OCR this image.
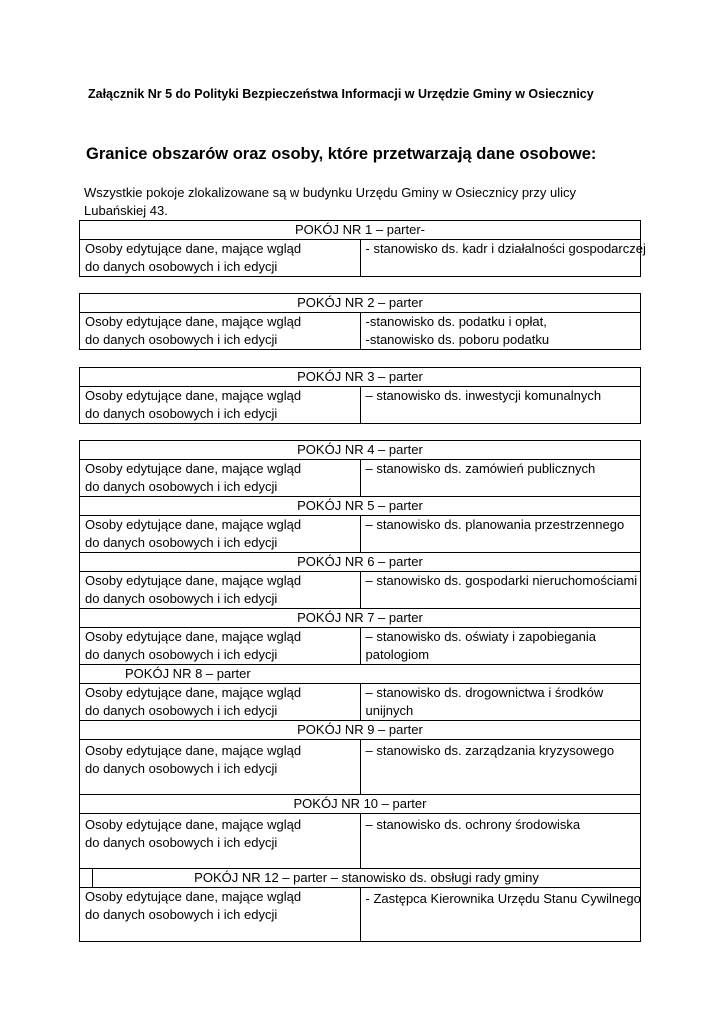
Załącznik Nr 5 do Polityki Bezpieczeństwa Informacji w Urzędzie Gminy w Osiecznicy
Granice obszarów oraz osoby, które przetwarzają dane osobowe:
Wszystkie pokoje zlokalizowane są w budynku Urzędu Gminy w Osiecznicy przy ulicy
Lubańskiej 43.
POKÓJ NR 1 – parter-

Osoby edytujące dane, mające wgląd
do danych osobowych i ich edycji

- stanowisko ds. kadr i działalności gospodarczej
POKÓJ NR 2 – parter

Osoby edytujące dane, mające wgląd
do danych osobowych i ich edycji

-stanowisko ds. podatku i opłat,
-stanowisko ds. poboru podatku
POKÓJ NR 3 – parter

Osoby edytujące dane, mające wgląd
do danych osobowych i ich edycji

– stanowisko ds. inwestycji komunalnych
POKÓJ NR 4 – parter	

Osoby edytujące dane, mające wgląd
do danych osobowych i ich edycji	– stanowisko ds. zamówień publicznych

POKÓJ NR 5 – parter	

Osoby edytujące dane, mające wgląd
do danych osobowych i ich edycji	– stanowisko ds. planowania przestrzennego

POKÓJ NR 6 – parter	

Osoby edytujące dane, mające wgląd
do danych osobowych i ich edycji	– stanowisko ds. gospodarki nieruchomościami

POKÓJ NR 7 – parter	

Osoby edytujące dane, mające wgląd
do danych osobowych i ich edycji	– stanowisko ds. oświaty i zapobiegania
patologiom

POKÓJ NR 8 – parter	

Osoby edytujące dane, mające wgląd
do danych osobowych i ich edycji	– stanowisko ds. drogownictwa i środków
unijnych

POKÓJ NR 9 – parter	

Osoby edytujące dane, mające wgląd
do danych osobowych i ich edycji	– stanowisko ds. zarządzania kryzysowego

POKÓJ NR 10 – parter	

Osoby edytujące dane, mające wgląd
do danych osobowych i ich edycji	– stanowisko ds. ochrony środowiska

POKÓJ NR 12 – parter – stanowisko ds. obsługi rady gminy	

Osoby edytujące dane, mające wgląd
do danych osobowych i ich edycji	- Zastępca Kierownika Urzędu Stanu Cywilnego
